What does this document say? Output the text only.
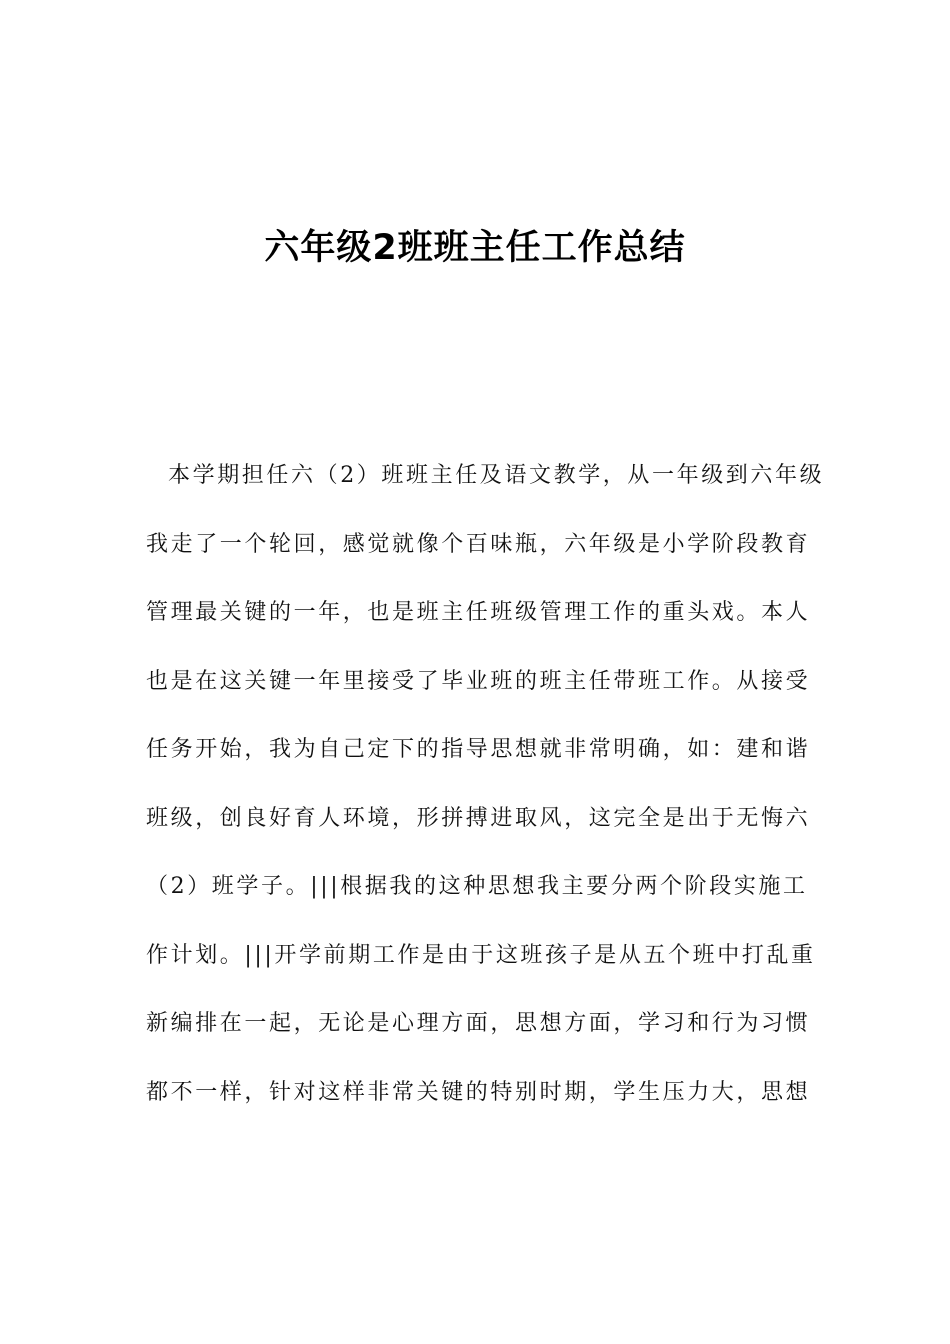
六年级2班班主任工作总结
本学期担任六（2）班班主任及语文教学，从一年级到六年级
我走了一个轮回，感觉就像个百味瓶，六年级是小学阶段教育
管理最关键的一年，也是班主任班级管理工作的重头戏。本人
也是在这关键一年里接受了毕业班的班主任带班工作。从接受
任务开始，我为自己定下的指导思想就非常明确，如：建和谐
班级，创良好育人环境，形拼搏进取风，这完全是出于无悔六
（2）班学子。|||根据我的这种思想我主要分两个阶段实施工
作计划。|||开学前期工作是由于这班孩子是从五个班中打乱重
新编排在一起，无论是心理方面，思想方面，学习和行为习惯
都不一样，针对这样非常关键的特别时期，学生压力大，思想
